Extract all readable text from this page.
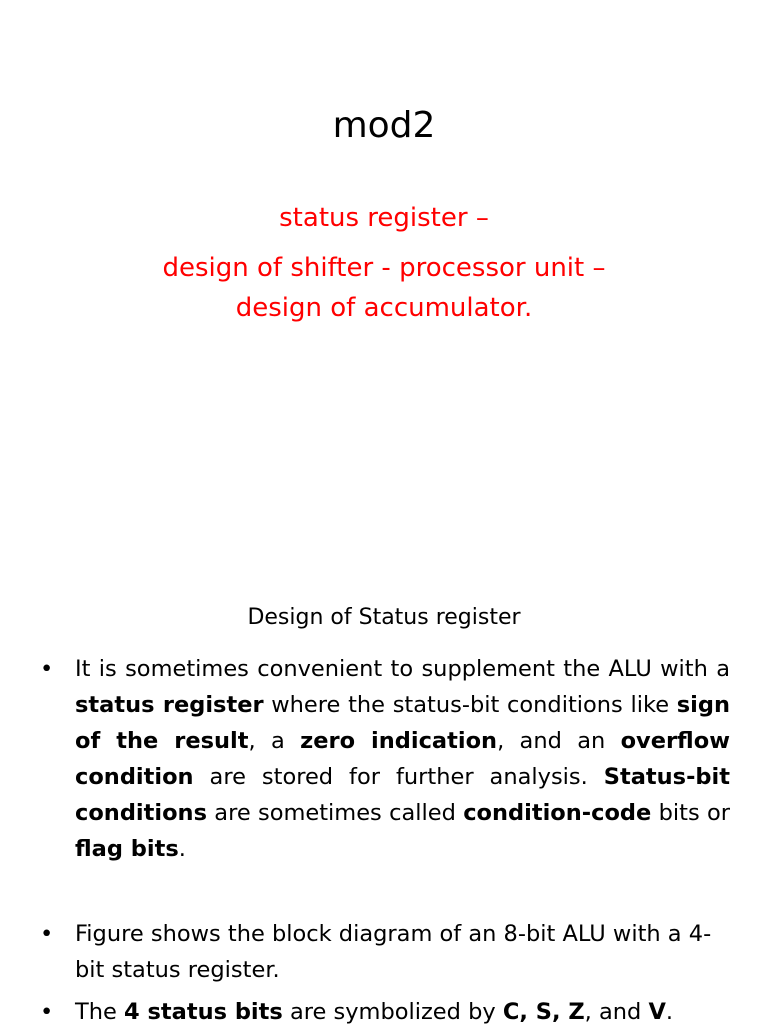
mod2
status register –
design of shifter - processor unit –
design of accumulator.
Design of Status register
• It is sometimes convenient to supplement the ALU with a status register where the status-bit conditions like sign of the result, a zero indication, and an overflow condition are stored for further analysis. Status-bit conditions are sometimes called condition-code bits or flag bits.
• Figure shows the block diagram of an 8-bit ALU with a 4-bit status register.
• The 4 status bits are symbolized by C, S, Z, and V.
